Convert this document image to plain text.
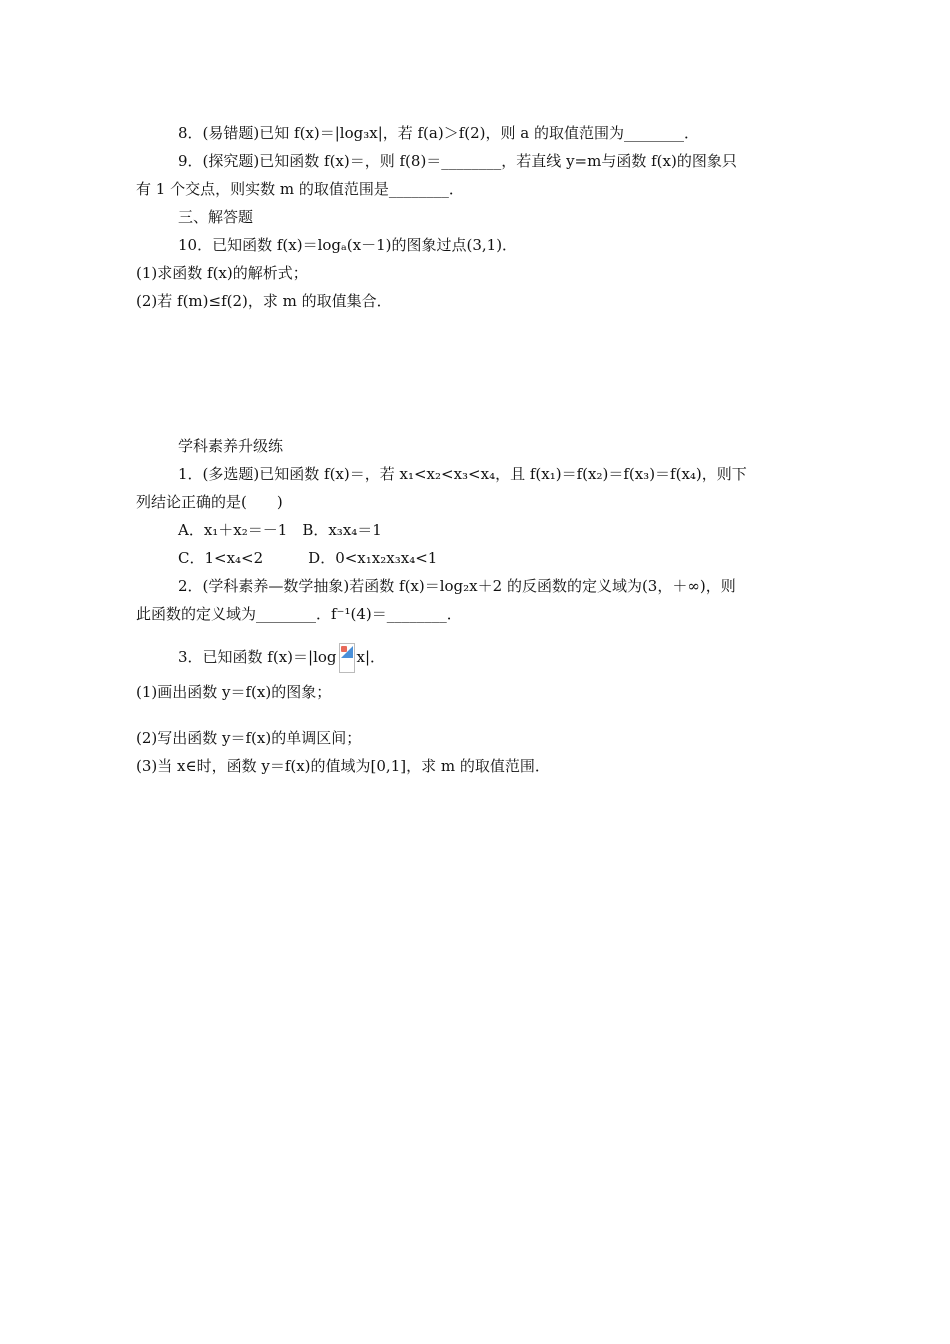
8．(易错题)已知 f(x)＝|log₃x|，若 f(a)＞f(2)，则 a 的取值范围为________．
9．(探究题)已知函数 f(x)＝，则 f(8)＝________，若直线 y=m与函数 f(x)的图象只
有 1 个交点，则实数 m 的取值范围是________．
三、解答题
10．已知函数 f(x)＝logₐ(x－1)的图象过点(3,1)．
(1)求函数 f(x)的解析式；
(2)若 f(m)≤f(2)，求 m 的取值集合．
学科素养升级练
1．(多选题)已知函数 f(x)＝，若 x₁<x₂<x₃<x₄，且 f(x₁)＝f(x₂)＝f(x₃)＝f(x₄)，则下
列结论正确的是(　　)
A．x₁＋x₂＝－1　B．x₃x₄＝1
C．1<x₄<2　　　D．0<x₁x₂x₃x₄<1
2．(学科素养—数学抽象)若函数 f(x)＝log₂x＋2 的反函数的定义域为(3，＋∞)，则
此函数的定义域为________．f⁻¹(4)＝________．
3．已知函数 f(x)＝|log x|．
(1)画出函数 y＝f(x)的图象；
(2)写出函数 y＝f(x)的单调区间；
(3)当 x∈时，函数 y＝f(x)的值域为[0,1]，求 m 的取值范围．
